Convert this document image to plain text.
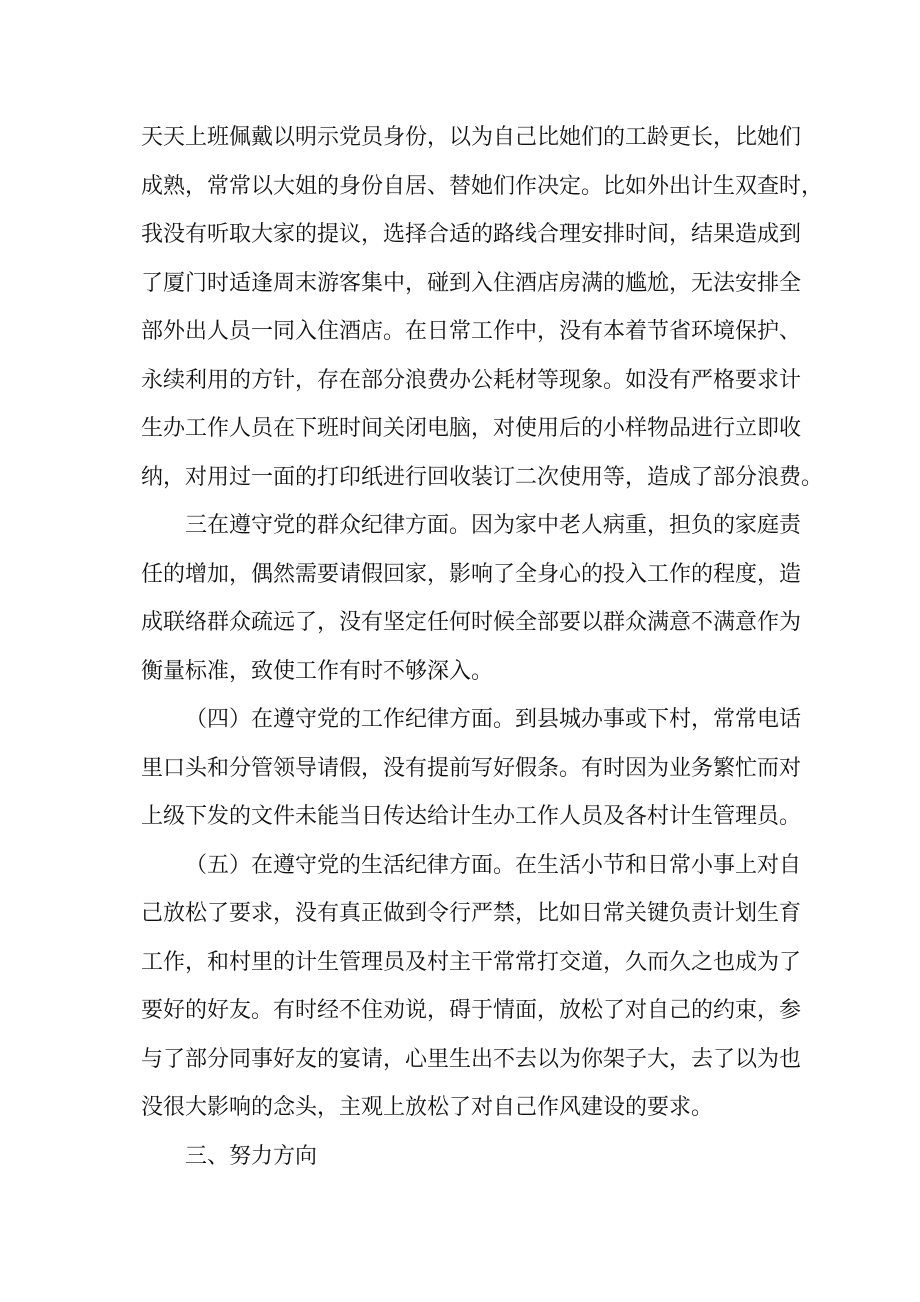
天天上班佩戴以明示党员身份，以为自己比她们的工龄更长，比她们
成熟，常常以大姐的身份自居、替她们作决定。比如外出计生双查时，
我没有听取大家的提议，选择合适的路线合理安排时间，结果造成到
了厦门时适逢周末游客集中，碰到入住酒店房满的尴尬，无法安排全
部外出人员一同入住酒店。在日常工作中，没有本着节省环境保护、
永续利用的方针，存在部分浪费办公耗材等现象。如没有严格要求计
生办工作人员在下班时间关闭电脑，对使用后的小样物品进行立即收
纳，对用过一面的打印纸进行回收装订二次使用等，造成了部分浪费。
三在遵守党的群众纪律方面。因为家中老人病重，担负的家庭责
任的增加，偶然需要请假回家，影响了全身心的投入工作的程度，造
成联络群众疏远了，没有坚定任何时候全部要以群众满意不满意作为
衡量标准，致使工作有时不够深入。
（四）在遵守党的工作纪律方面。到县城办事或下村，常常电话
里口头和分管领导请假，没有提前写好假条。有时因为业务繁忙而对
上级下发的文件未能当日传达给计生办工作人员及各村计生管理员。
（五）在遵守党的生活纪律方面。在生活小节和日常小事上对自
己放松了要求，没有真正做到令行严禁，比如日常关键负责计划生育
工作，和村里的计生管理员及村主干常常打交道，久而久之也成为了
要好的好友。有时经不住劝说，碍于情面，放松了对自己的约束，参
与了部分同事好友的宴请，心里生出不去以为你架子大，去了以为也
没很大影响的念头，主观上放松了对自己作风建设的要求。
三、努力方向
